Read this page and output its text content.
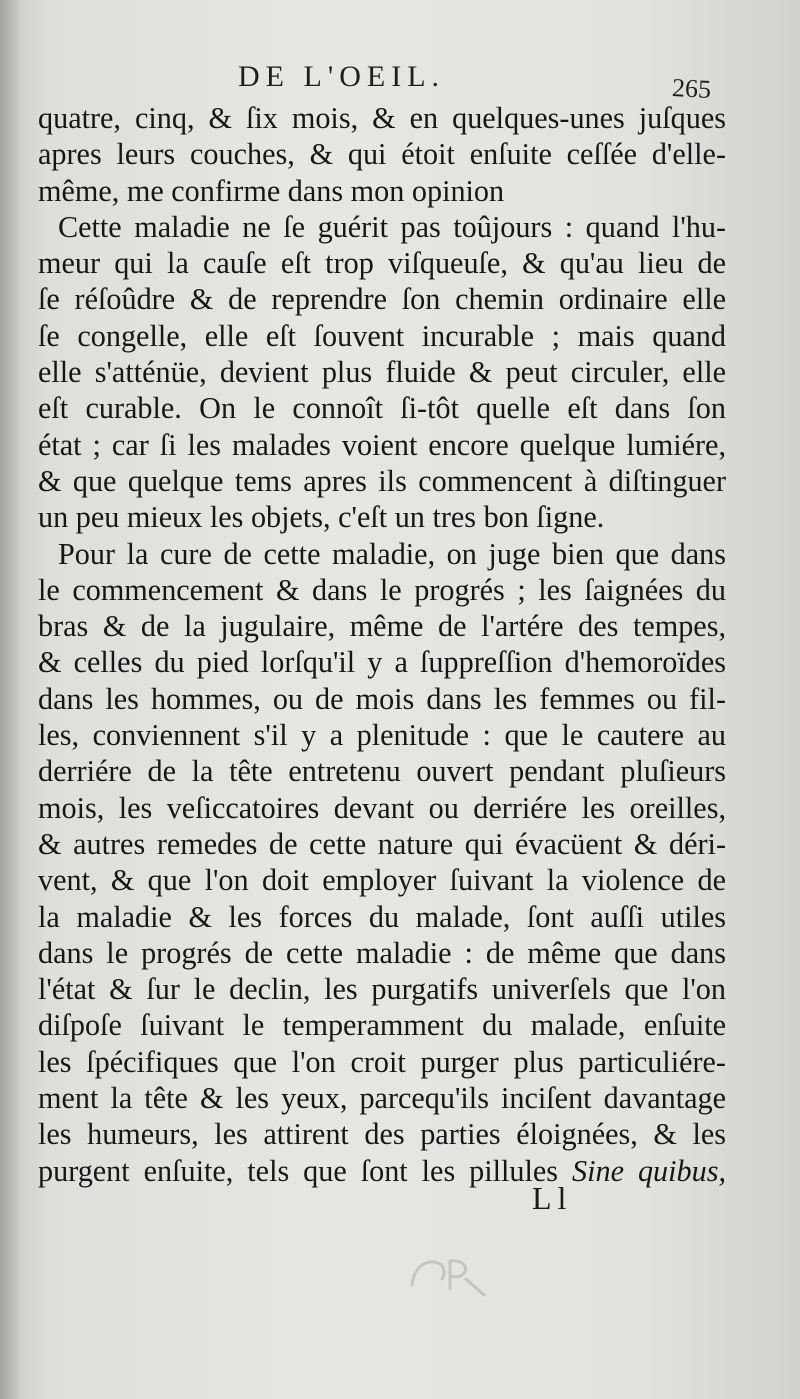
DE L'OEIL.	265
quatre, cinq, & ſix mois, & en quelques-unes juſques
apres leurs couches, & qui étoit enſuite ceſſée d'elle-
même, me confirme dans mon opinion
Cette maladie ne ſe guérit pas toûjours : quand l'hu-
meur qui la cauſe eſt trop viſqueuſe, & qu'au lieu de
ſe réſoûdre & de reprendre ſon chemin ordinaire elle
ſe congelle, elle eſt ſouvent incurable ; mais quand
elle s'atténüe, devient plus fluide & peut circuler, elle
eſt curable. On le connoît ſi-tôt quelle eſt dans ſon
état ; car ſi les malades voient encore quelque lumiére,
& que quelque tems apres ils commencent à diſtinguer
un peu mieux les objets, c'eſt un tres bon ſigne.
Pour la cure de cette maladie, on juge bien que dans
le commencement & dans le progrés ; les ſaignées du
bras & de la jugulaire, même de l'artére des tempes,
& celles du pied lorſqu'il y a ſuppreſſion d'hemoroïdes
dans les hommes, ou de mois dans les femmes ou fil-
les, conviennent s'il y a plenitude : que le cautere au
derriére de la tête entretenu ouvert pendant pluſieurs
mois, les veſiccatoires devant ou derriére les oreilles,
& autres remedes de cette nature qui évacüent & déri-
vent, & que l'on doit employer ſuivant la violence de
la maladie & les forces du malade, ſont auſſi utiles
dans le progrés de cette maladie : de même que dans
l'état & ſur le declin, les purgatifs univerſels que l'on
diſpoſe ſuivant le temperamment du malade, enſuite
les ſpécifiques que l'on croit purger plus particuliére-
ment la tête & les yeux, parcequ'ils inciſent davantage
les humeurs, les attirent des parties éloignées, & les
purgent enſuite, tels que ſont les pillules Sine quibus,
Ll
